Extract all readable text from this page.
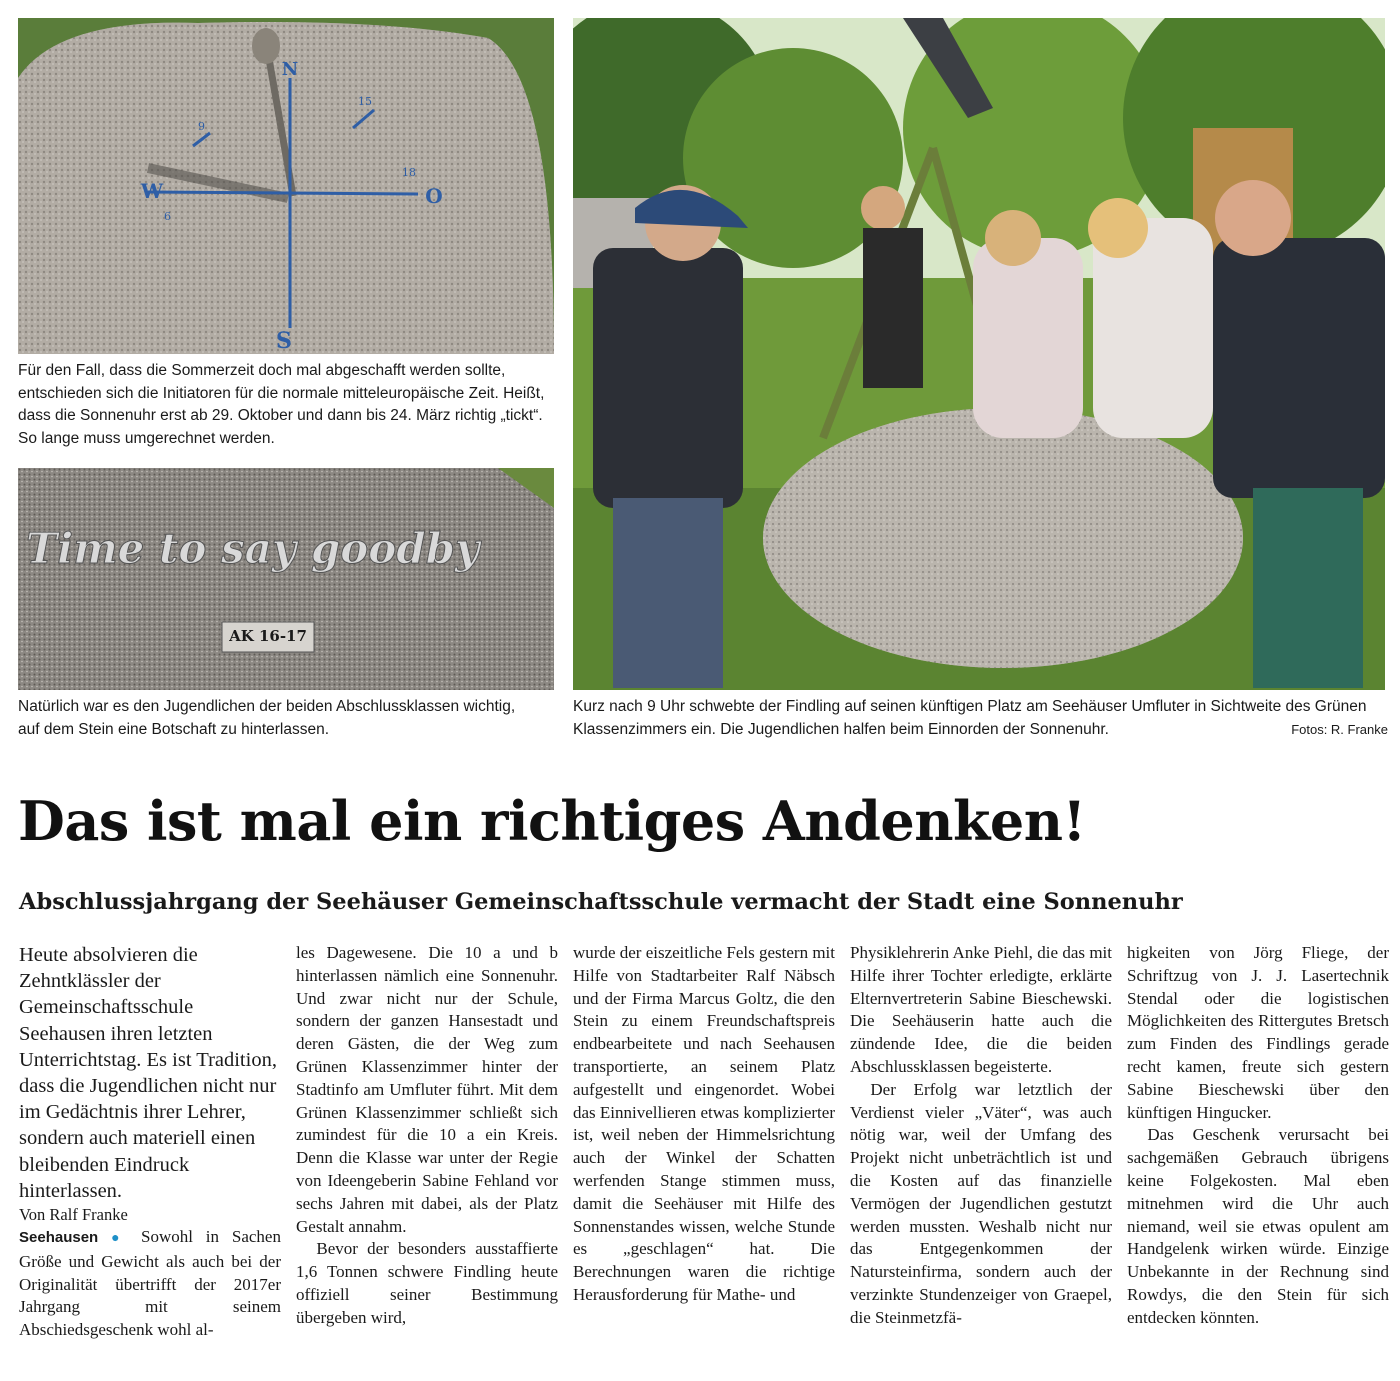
N
S
W	O
15
18
9
6

Für den Fall, dass die Sommerzeit doch mal abgeschafft werden sollte, entschieden sich die Initiatoren für die normale mitteleuropäische Zeit. Heißt, dass die Sonnenuhr erst ab 29. Oktober und dann bis 24. März richtig „tickt“. So lange muss umgerechnet werden.

Time to say goodby
AK 16-17

Natürlich war es den Jugendlichen der beiden Abschlussklassen wichtig, auf dem Stein eine Botschaft zu hinterlassen.

Kurz nach 9 Uhr schwebte der Findling auf seinen künftigen Platz am Seehäuser Umfluter in Sichtweite des Grünen Klassenzimmers ein. Die Jugendlichen halfen beim Einnorden der Sonnenuhr.	Fotos: R. Franke

Das ist mal ein richtiges Andenken!
Abschlussjahrgang der Seehäuser Gemeinschaftsschule vermacht der Stadt eine Sonnenuhr

Heute absolvieren die Zehntklässler der Gemeinschaftsschule Seehausen ihren letzten Unterrichtstag. Es ist Tradition, dass die Jugendlichen nicht nur im Gedächtnis ihrer Lehrer, sondern auch materiell einen bleibenden Eindruck hinterlassen.

Von Ralf Franke

Seehausen ● Sowohl in Sachen Größe und Gewicht als auch bei der Originalität übertrifft der 2017er Jahrgang mit seinem Abschiedsgeschenk wohl al-

les Dagewesene. Die 10 a und b hinterlassen nämlich eine Sonnenuhr. Und zwar nicht nur der Schule, sondern der ganzen Hansestadt und deren Gästen, die der Weg zum Grünen Klassenzimmer hinter der Stadtinfo am Umfluter führt. Mit dem Grünen Klassenzimmer schließt sich zumindest für die 10 a ein Kreis. Denn die Klasse war unter der Regie von Ideengeberin Sabine Fehland vor sechs Jahren mit dabei, als der Platz Gestalt annahm.

Bevor der besonders ausstaffierte 1,6 Tonnen schwere Findling heute offiziell seiner Bestimmung übergeben wird,

wurde der eiszeitliche Fels gestern mit Hilfe von Stadtarbeiter Ralf Näbsch und der Firma Marcus Goltz, die den Stein zu einem Freundschaftspreis endbearbeitete und nach Seehausen transportierte, an seinem Platz aufgestellt und eingenordet. Wobei das Einnivellieren etwas komplizierter ist, weil neben der Himmelsrichtung auch der Winkel der Schatten werfenden Stange stimmen muss, damit die Seehäuser mit Hilfe des Sonnenstandes wissen, welche Stunde es „geschlagen“ hat. Die Berechnungen waren die richtige Herausforderung für Mathe- und

Physiklehrerin Anke Piehl, die das mit Hilfe ihrer Tochter erledigte, erklärte Elternvertreterin Sabine Bieschewski. Die Seehäuserin hatte auch die zündende Idee, die die beiden Abschlussklassen begeisterte.

Der Erfolg war letztlich der Verdienst vieler „Väter“, was auch nötig war, weil der Umfang des Projekt nicht unbeträchtlich ist und die Kosten auf das finanzielle Vermögen der Jugendlichen gestutzt werden mussten. Weshalb nicht nur das Entgegenkommen der Natursteinfirma, sondern auch der verzinkte Stundenzeiger von Graepel, die Steinmetzfä-

higkeiten von Jörg Fliege, der Schriftzug von J. J. Lasertechnik Stendal oder die logistischen Möglichkeiten des Rittergutes Bretsch zum Finden des Findlings gerade recht kamen, freute sich gestern Sabine Bieschewski über den künftigen Hingucker.

Das Geschenk verursacht bei sachgemäßen Gebrauch übrigens keine Folgekosten. Mal eben mitnehmen wird die Uhr auch niemand, weil sie etwas opulent am Handgelenk wirken würde. Einzige Unbekannte in der Rechnung sind Rowdys, die den Stein für sich entdecken könnten.
